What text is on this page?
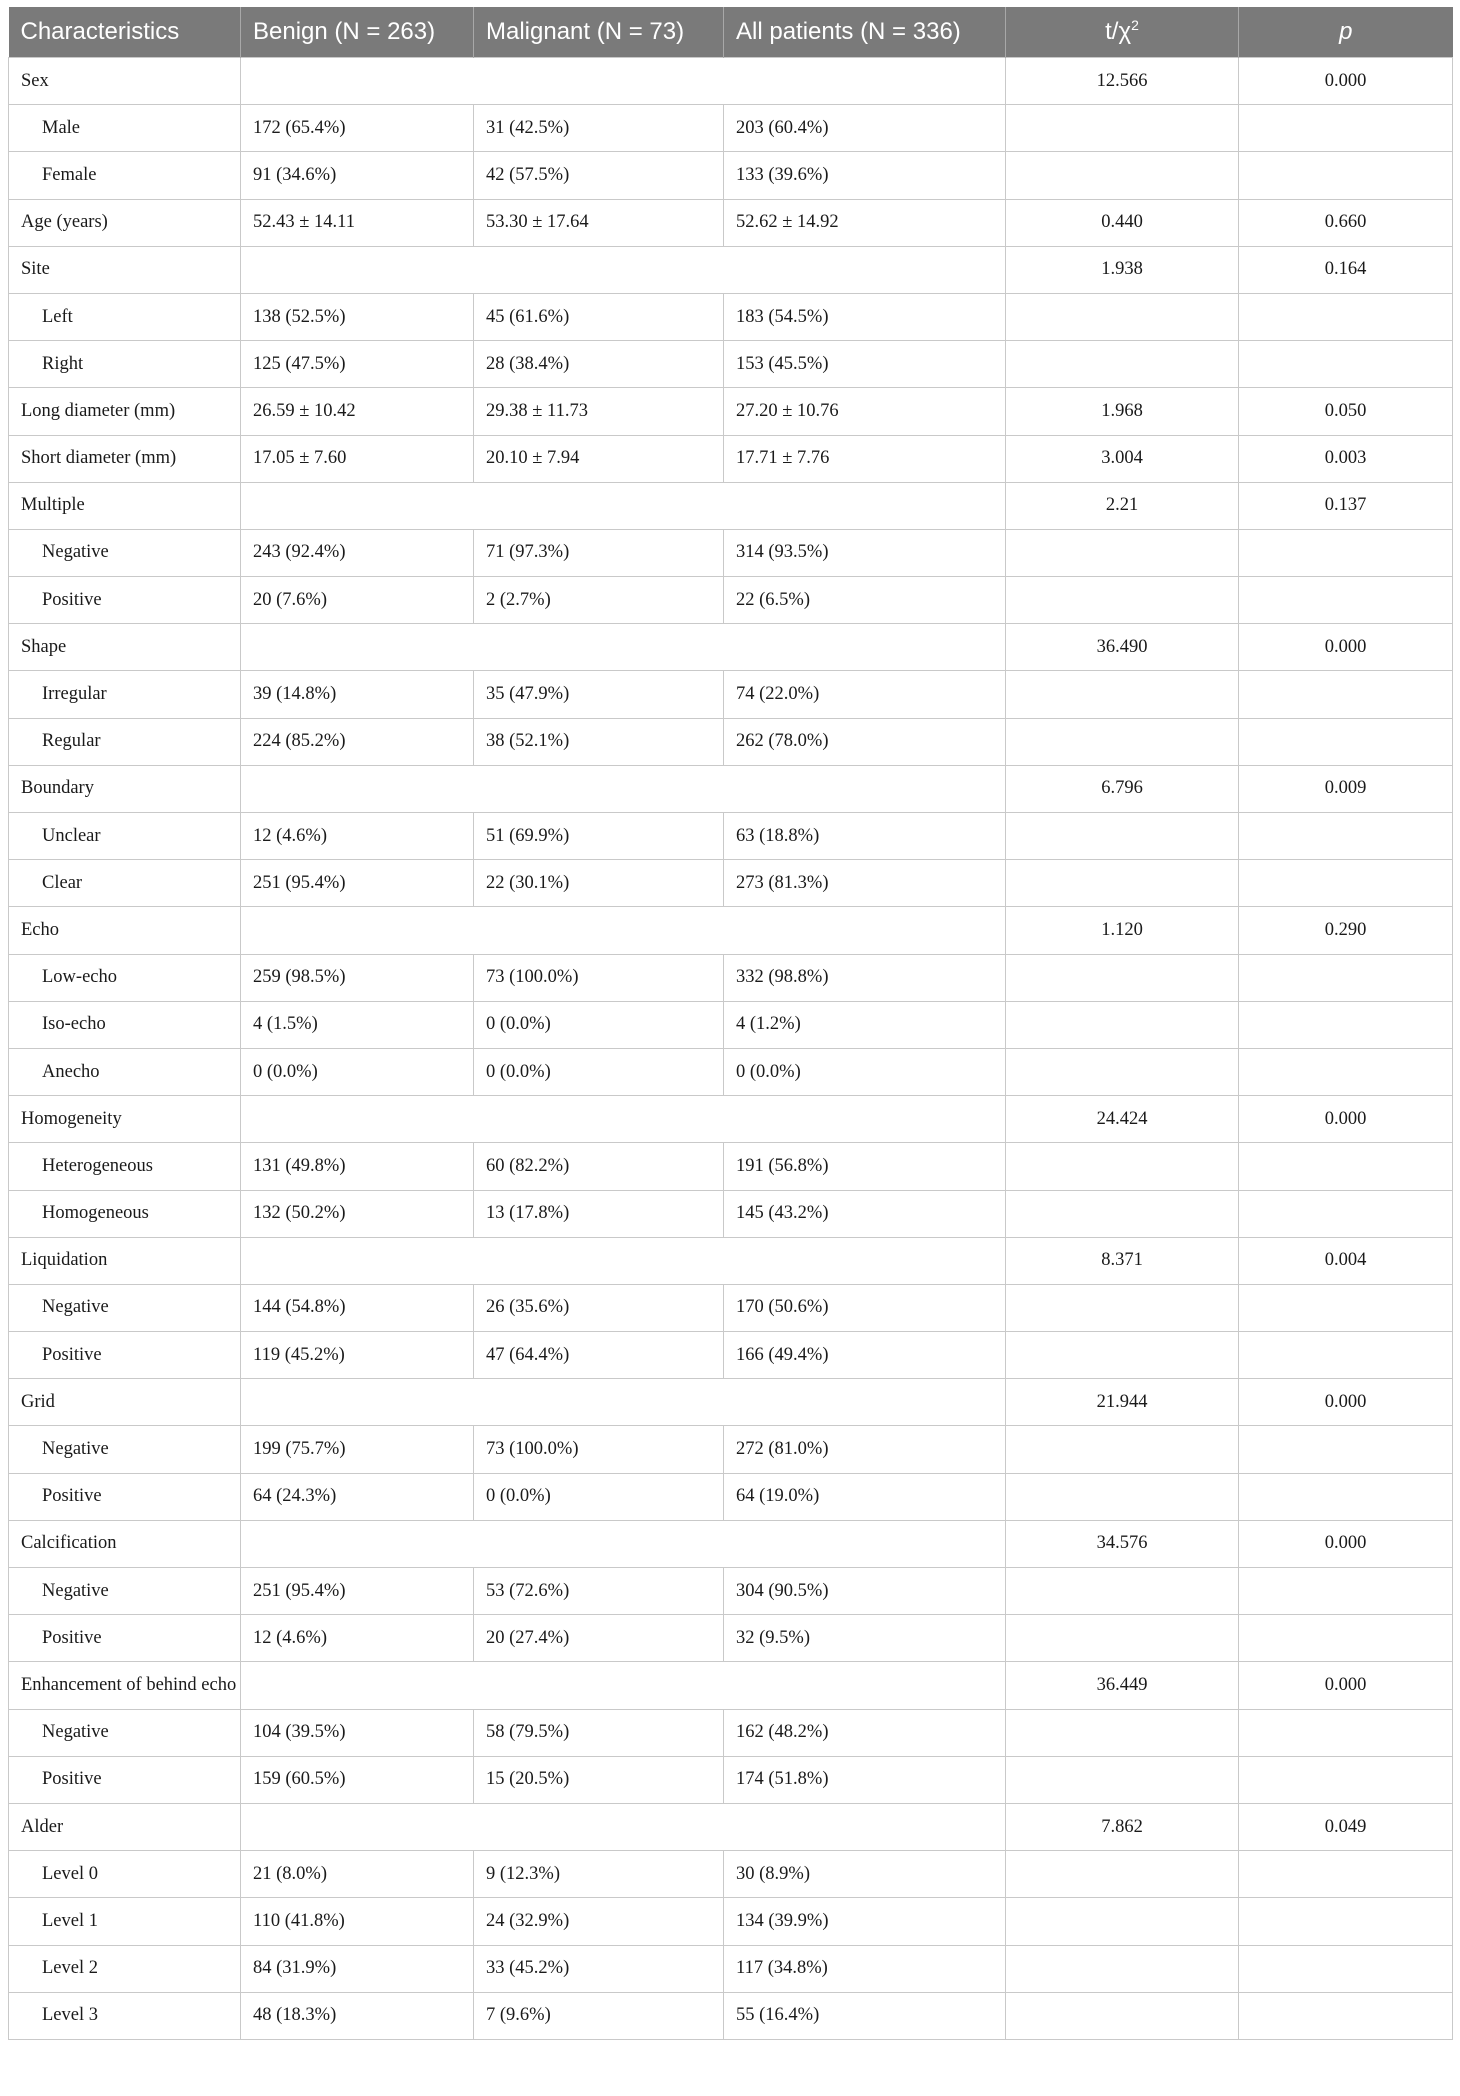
Characteristics	Benign (N = 263)	Malignant (N = 73)	All patients (N = 336)	$t/\chi^2$	p
Sex				12.566	0.000
Male	172 (65.4%)	31 (42.5%)	203 (60.4%)		
Female	91 (34.6%)	42 (57.5%)	133 (39.6%)		
Age (years)	52.43 ± 14.11	53.30 ± 17.64	52.62 ± 14.92	0.440	0.660
Site				1.938	0.164
Left	138 (52.5%)	45 (61.6%)	183 (54.5%)		
Right	125 (47.5%)	28 (38.4%)	153 (45.5%)		
Long diameter (mm)	26.59 ± 10.42	29.38 ± 11.73	27.20 ± 10.76	1.968	0.050
Short diameter (mm)	17.05 ± 7.60	20.10 ± 7.94	17.71 ± 7.76	3.004	0.003
Multiple				2.21	0.137
Negative	243 (92.4%)	71 (97.3%)	314 (93.5%)		
Positive	20 (7.6%)	2 (2.7%)	22 (6.5%)		
Shape				36.490	0.000
Irregular	39 (14.8%)	35 (47.9%)	74 (22.0%)		
Regular	224 (85.2%)	38 (52.1%)	262 (78.0%)		
Boundary				6.796	0.009
Unclear	12 (4.6%)	51 (69.9%)	63 (18.8%)		
Clear	251 (95.4%)	22 (30.1%)	273 (81.3%)		
Echo				1.120	0.290
Low-echo	259 (98.5%)	73 (100.0%)	332 (98.8%)		
Iso-echo	4 (1.5%)	0 (0.0%)	4 (1.2%)		
Anecho	0 (0.0%)	0 (0.0%)	0 (0.0%)		
Homogeneity				24.424	0.000
Heterogeneous	131 (49.8%)	60 (82.2%)	191 (56.8%)		
Homogeneous	132 (50.2%)	13 (17.8%)	145 (43.2%)		
Liquidation				8.371	0.004
Negative	144 (54.8%)	26 (35.6%)	170 (50.6%)		
Positive	119 (45.2%)	47 (64.4%)	166 (49.4%)		
Grid				21.944	0.000
Negative	199 (75.7%)	73 (100.0%)	272 (81.0%)		
Positive	64 (24.3%)	0 (0.0%)	64 (19.0%)		
Calcification				34.576	0.000
Negative	251 (95.4%)	53 (72.6%)	304 (90.5%)		
Positive	12 (4.6%)	20 (27.4%)	32 (9.5%)		
Enhancement of behind echo				36.449	0.000
Negative	104 (39.5%)	58 (79.5%)	162 (48.2%)		
Positive	159 (60.5%)	15 (20.5%)	174 (51.8%)		
Alder				7.862	0.049
Level 0	21 (8.0%)	9 (12.3%)	30 (8.9%)		
Level 1	110 (41.8%)	24 (32.9%)	134 (39.9%)		
Level 2	84 (31.9%)	33 (45.2%)	117 (34.8%)		
Level 3	48 (18.3%)	7 (9.6%)	55 (16.4%)		
